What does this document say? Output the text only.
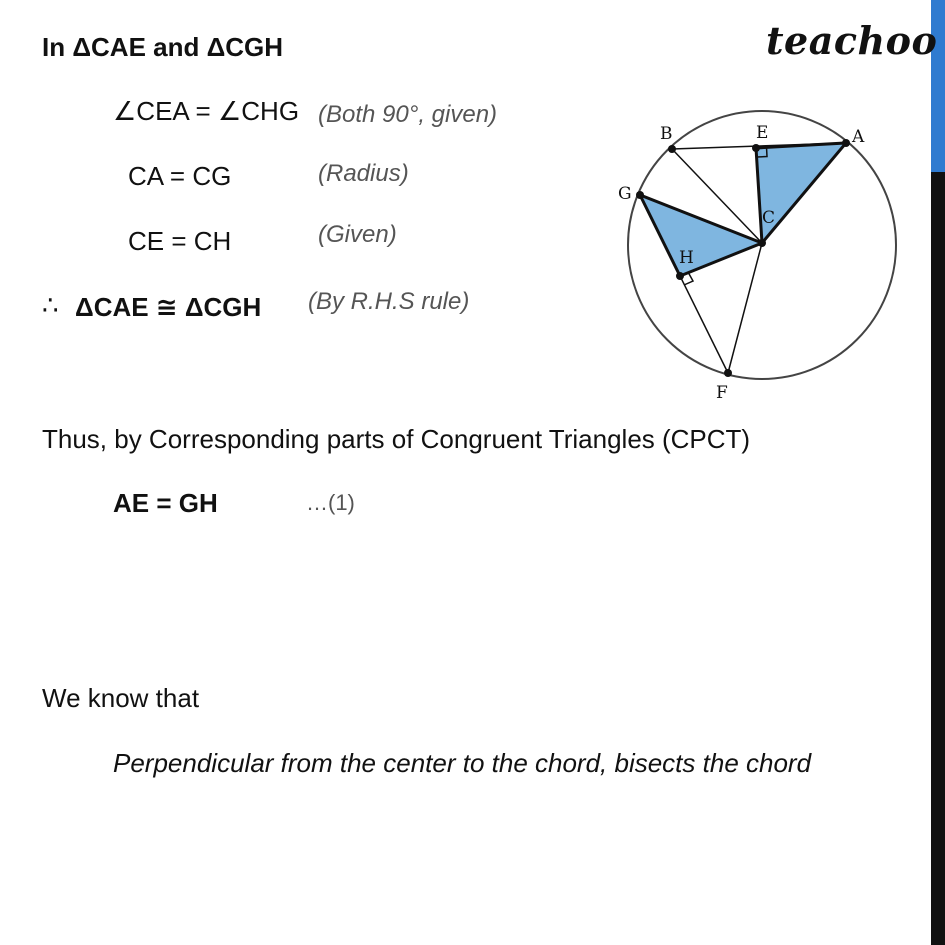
teachoo
In ΔCAE and ΔCGH
∠CEA = ∠CHG (Both 90°, given)
CA = CG	(Radius)
CE = CH	(Given)
∴ ΔCAE ≅ ΔCGH (By R.H.S rule)
Thus, by Corresponding parts of Congruent Triangles (CPCT)
AE = GH	…(1)
We know that
Perpendicular from the center to the chord, bisects the chord
A
B	E
C
G
H
F
